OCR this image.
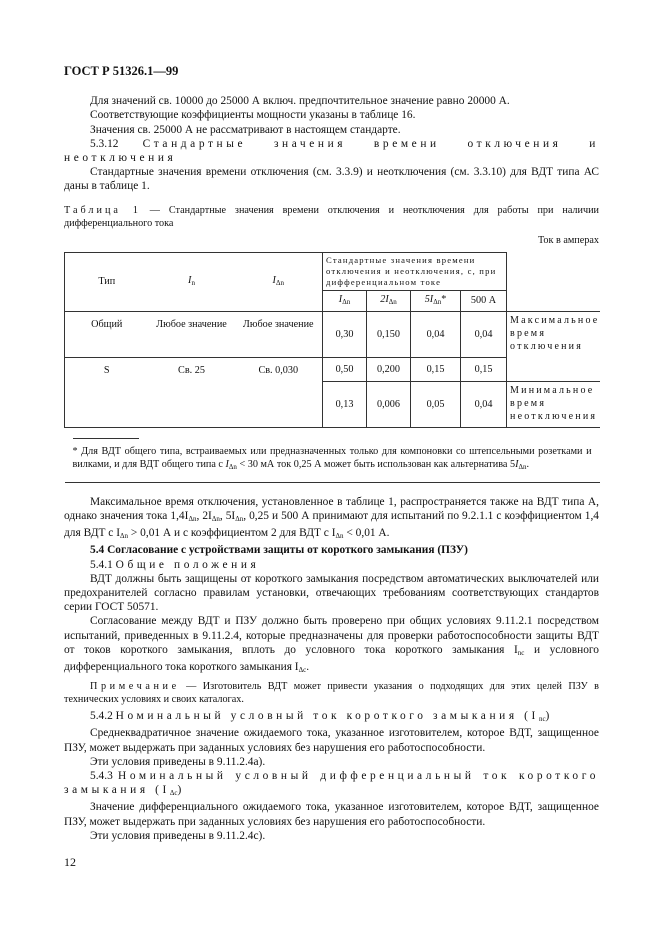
ГОСТ Р 51326.1—99

Для значений св. 10000 до 25000 А включ. предпочтительное значение равно 20000 А.

Соответствующие коэффициенты мощности указаны в таблице 16.

Значения св. 25000 А не рассматривают в настоящем стандарте.

5.3.12 Стандартные значения времени отключения и неотключения

Стандартные значения времени отключения (см. 3.3.9) и неотключения (см. 3.3.10) для ВДТ типа АС даны в таблице 1.

Таблица 1 — Стандартные значения времени отключения и неотключения для работы при наличии дифференциального тока

Ток в амперах
Тип	$I_n$	$I_{\Delta n}$	Стандартные значения времени отключения и неотключения, с, при дифференциальном токе				
			$I_{\Delta n}$	$2I_{\Delta n}$	$5I_{\Delta n}*$	500 А	
Общий	Любое значение	Любое значение	0,30	0,150	0,04	0,04	Максимальное время отключения
S	Св. 25	Св. 0,030	0,50	0,200	0,15	0,15	
			0,13	0,006	0,05	0,04	Минимальное время неотключения

* Для ВДТ общего типа, встраиваемых или предназначенных только для компоновки со штепсельными розетками и вилками, и для ВДТ общего типа с $I_{\Delta n} < 30$ мА ток 0,25 А может быть использован как альтернатива $5I_{\Delta n}$.							

Максимальное время отключения, установленное в таблице 1, распространяется также на ВДТ типа А, однако значения тока $1,4I_{\Delta n}$, $2I_{\Delta n}$, $5I_{\Delta n}$, 0,25 и 500 А принимают для испытаний по 9.2.1.1 с коэффициентом 1,4 для ВДТ с $I_{\Delta n} > 0,01$ А и с коэффициентом 2 для ВДТ с $I_{\Delta n} < 0,01$ А.

5.4 Согласование с устройствами защиты от короткого замыкания (ПЗУ)

5.4.1 Общие положения

ВДТ должны быть защищены от короткого замыкания посредством автоматических выключателей или предохранителей согласно правилам установки, отвечающих требованиям соответствующих стандартов серии ГОСТ 50571.

Согласование между ВДТ и ПЗУ должно быть проверено при общих условиях 9.11.2.1 посредством испытаний, приведенных в 9.11.2.4, которые предназначены для проверки работоспособности защиты ВДТ от токов короткого замыкания, вплоть до условного тока короткого замыкания $I_{nc}$ и условного дифференциального тока короткого замыкания $I_{\Delta c}$.

Примечание — Изготовитель ВДТ может привести указания о подходящих для этих целей ПЗУ в технических условиях и своих каталогах.

5.4.2 Номинальный условный ток короткого замыкания $(I_{nc})$

Среднеквадратичное значение ожидаемого тока, указанное изготовителем, которое ВДТ, защищенное ПЗУ, может выдержать при заданных условиях без нарушения его работоспособности.

Эти условия приведены в 9.11.2.4а).

5.4.3 Номинальный условный дифференциальный ток короткого замыкания $(I_{\Delta c})$

Значение дифференциального ожидаемого тока, указанное изготовителем, которое ВДТ, защищенное ПЗУ, может выдержать при заданных условиях без нарушения его работоспособности.

Эти условия приведены в 9.11.2.4с).

12
